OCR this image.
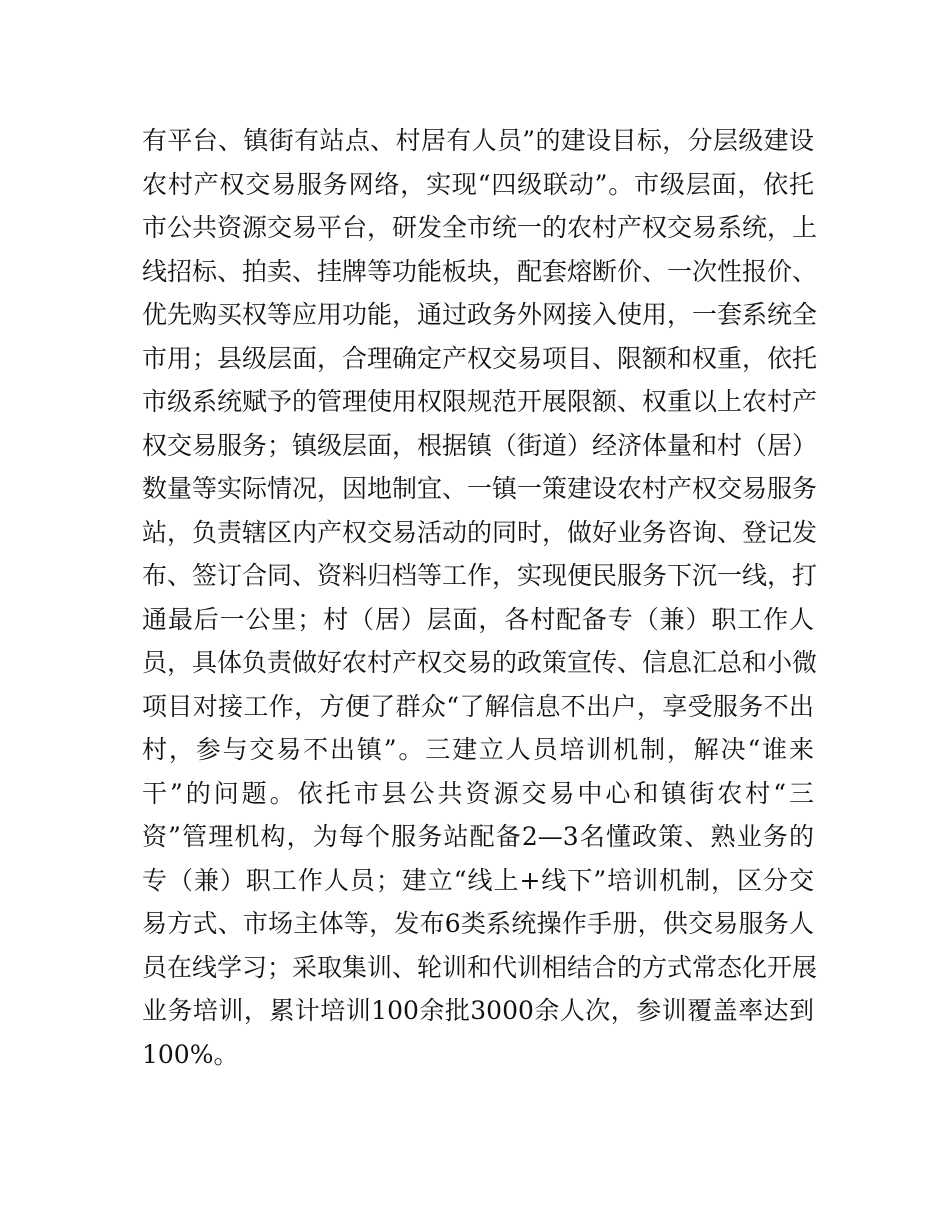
有平台、镇街有站点、村居有人员”的建设目标，分层级建设
农村产权交易服务网络，实现“四级联动”。市级层面，依托
市公共资源交易平台，研发全市统一的农村产权交易系统，上
线招标、拍卖、挂牌等功能板块，配套熔断价、一次性报价、
优先购买权等应用功能，通过政务外网接入使用，一套系统全
市用；县级层面，合理确定产权交易项目、限额和权重，依托
市级系统赋予的管理使用权限规范开展限额、权重以上农村产
权交易服务；镇级层面，根据镇（街道）经济体量和村（居）
数量等实际情况，因地制宜、一镇一策建设农村产权交易服务
站，负责辖区内产权交易活动的同时，做好业务咨询、登记发
布、签订合同、资料归档等工作，实现便民服务下沉一线，打
通最后一公里；村（居）层面，各村配备专（兼）职工作人
员，具体负责做好农村产权交易的政策宣传、信息汇总和小微
项目对接工作，方便了群众“了解信息不出户，享受服务不出
村，参与交易不出镇”。三建立人员培训机制，解决“谁来
干”的问题。依托市县公共资源交易中心和镇街农村“三
资”管理机构，为每个服务站配备2—3名懂政策、熟业务的
专（兼）职工作人员；建立“线上+线下”培训机制，区分交
易方式、市场主体等，发布6类系统操作手册，供交易服务人
员在线学习；采取集训、轮训和代训相结合的方式常态化开展
业务培训，累计培训100余批3000余人次，参训覆盖率达到
100%。
